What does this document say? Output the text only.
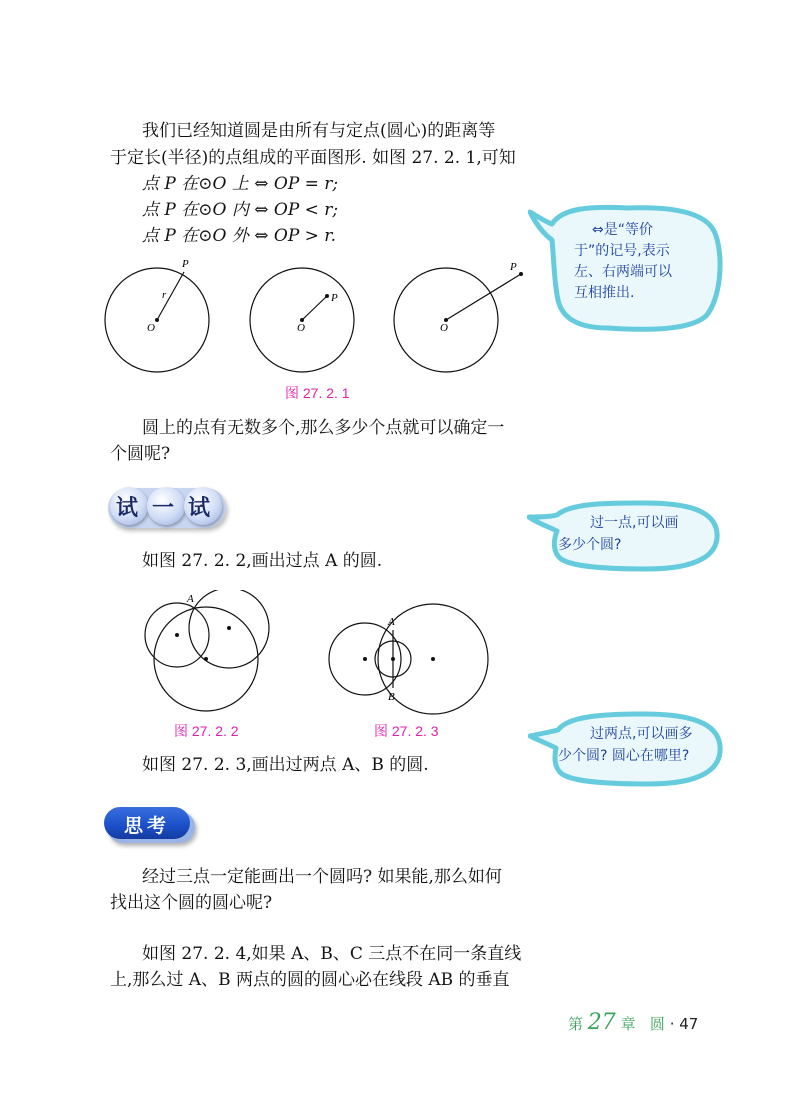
我们已经知道圆是由所有与定点(圆心)的距离等
于定长(半径)的点组成的平面图形. 如图 27. 2. 1,可知
点 P 在⊙O 上 ⇔ OP = r;
点 P 在⊙O 内 ⇔ OP < r;
点 P 在⊙O 外 ⇔ OP > r.
r
P
O
P
O
P
O
图 27. 2. 1
圆上的点有无数多个,那么多少个点就可以确定一
个圆呢?
试一试
如图 27. 2. 2,画出过点 A 的圆.
A
图 27. 2. 2
A
B
图 27. 2. 3
如图 27. 2. 3,画出过两点 A、B 的圆.
思考
经过三点一定能画出一个圆吗? 如果能,那么如何
找出这个圆的圆心呢?
如图 27. 2. 4,如果 A、B、C 三点不在同一条直线
上,那么过 A、B 两点的圆的圆心必在线段 AB 的垂直
⇔是“等价
于”的记号,表示
左、右两端可以
互相推出.
过一点,可以画
多少个圆?
过两点,可以画多
少个圆? 圆心在哪里?
第 27 章 圆 · 47
